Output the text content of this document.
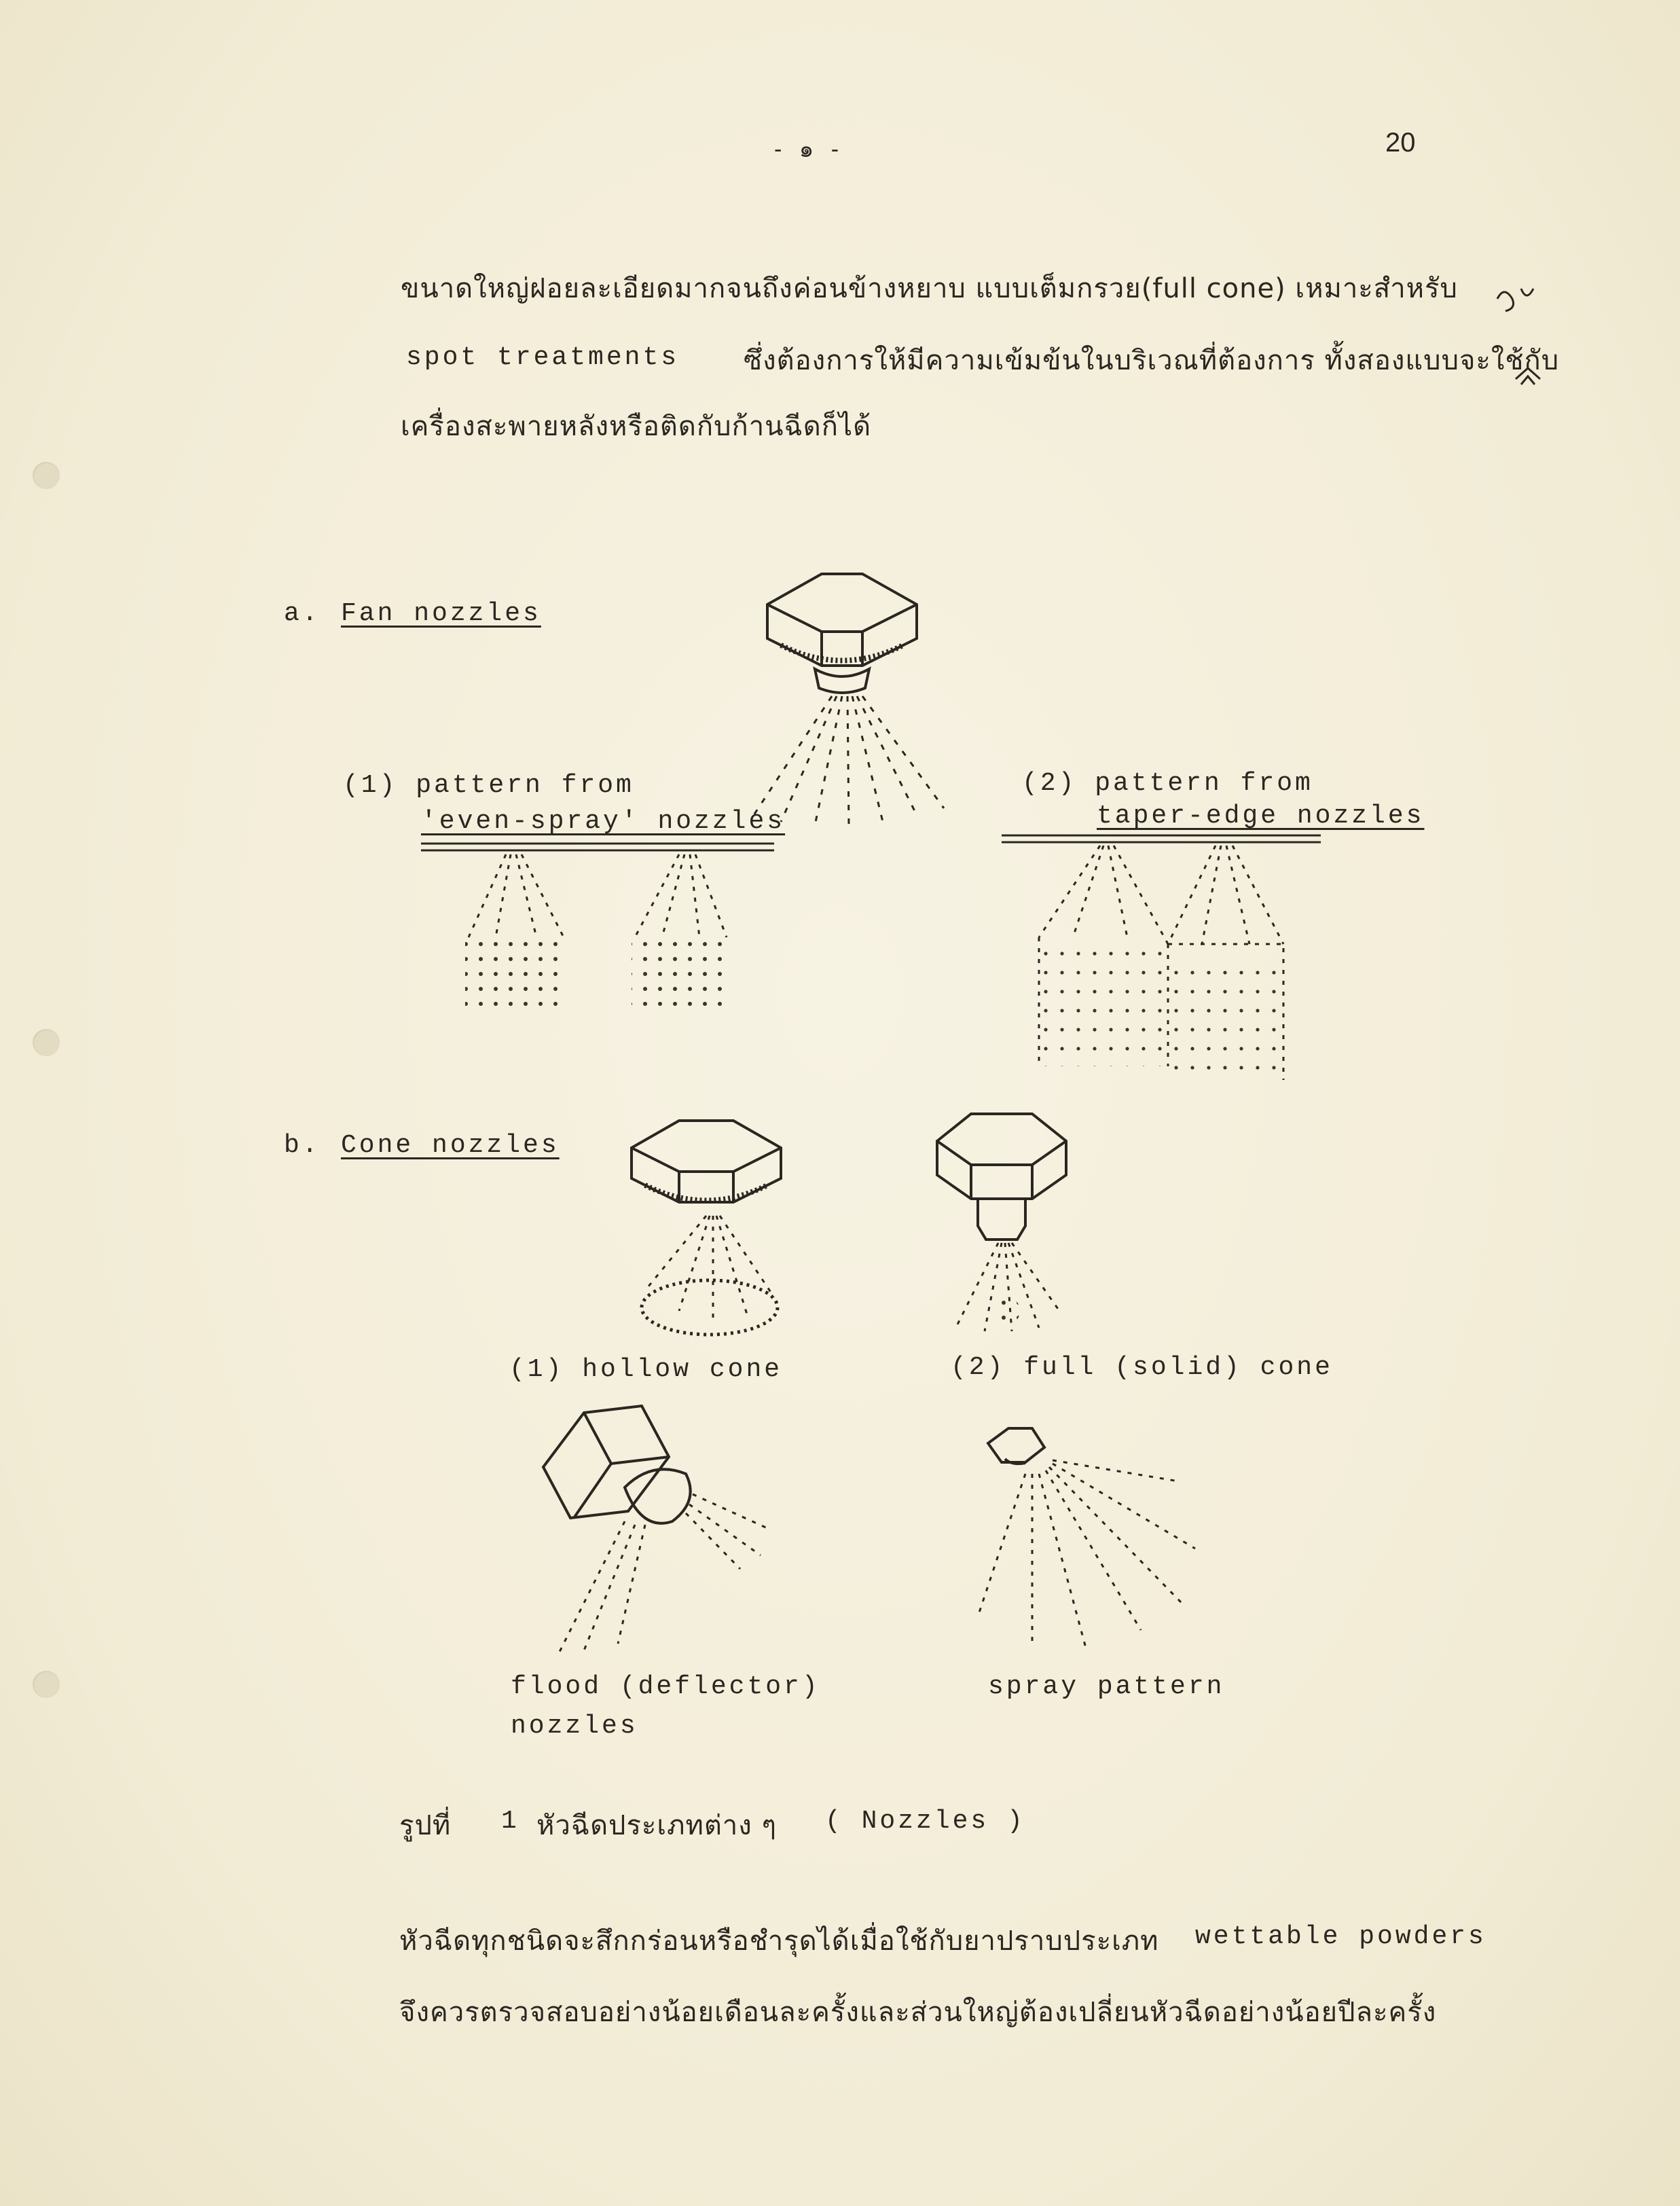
- ๑ -	20
ขนาดใหญ่ฝอยละเอียดมากจนถึงค่อนข้างหยาบ แบบเต็มกรวย(full cone) เหมาะสำหรับ
spot treatments ซึ่งต้องการให้มีความเข้มข้นในบริเวณที่ต้องการ ทั้งสองแบบจะใช้กับ
เครื่องสะพายหลังหรือติดกับก้านฉีดก็ได้
a. Fan nozzles
(1) pattern from
'even-spray' nozzles
(2) pattern from
taper-edge nozzles
b. Cone nozzles
(1) hollow cone	(2) full (solid) cone
flood (deflector)
nozzles
spray pattern
รูปที่ 1 หัวฉีดประเภทต่าง ๆ ( Nozzles )
หัวฉีดทุกชนิดจะสึกกร่อนหรือชำรุดได้เมื่อใช้กับยาปราบประเภท wettable powders
จึงควรตรวจสอบอย่างน้อยเดือนละครั้งและส่วนใหญ่ต้องเปลี่ยนหัวฉีดอย่างน้อยปีละครั้ง
